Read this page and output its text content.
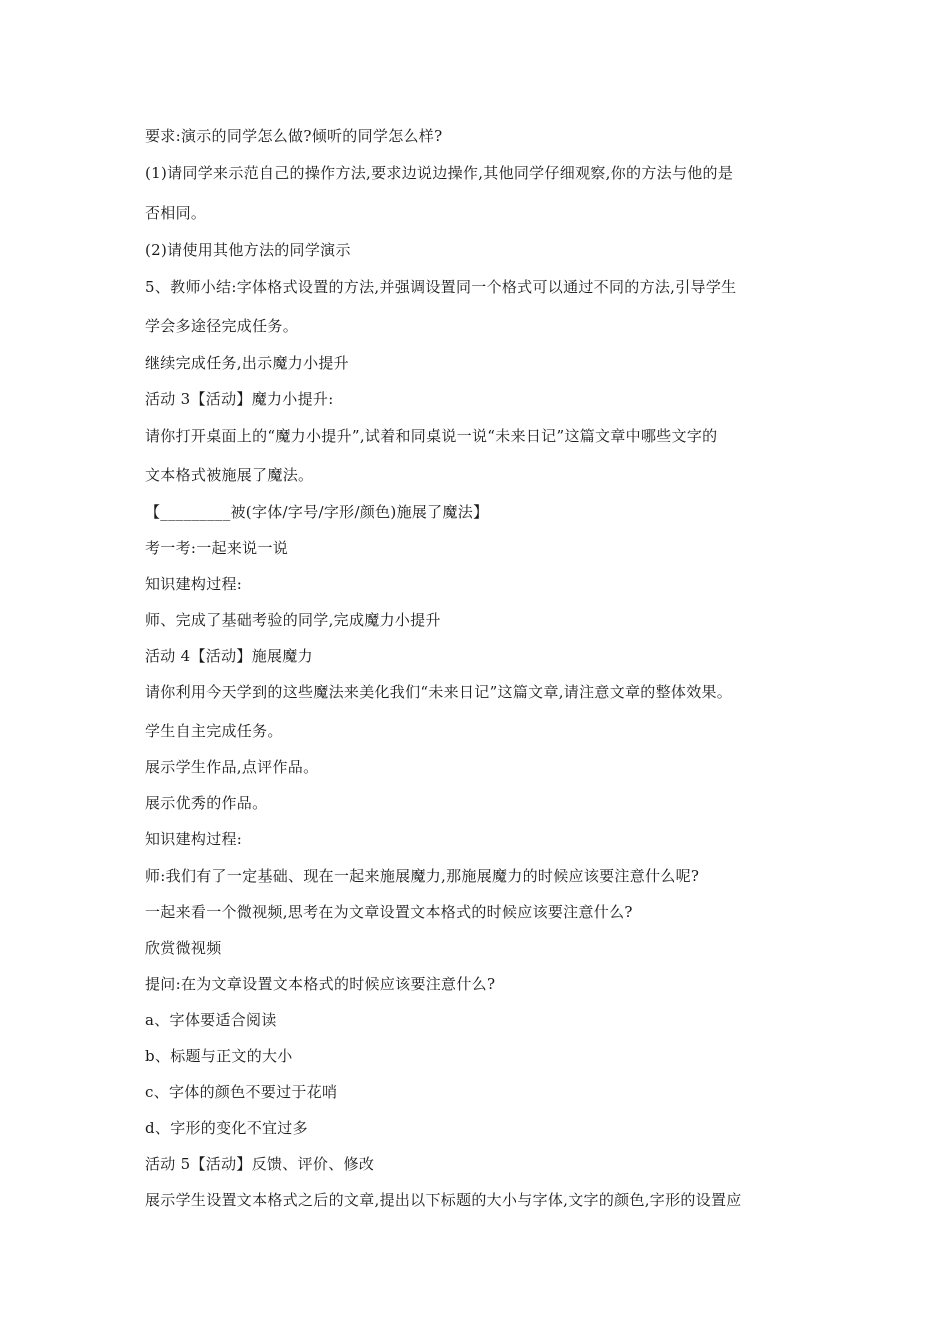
要求:演示的同学怎么做?倾听的同学怎么样?
(1)请同学来示范自己的操作方法,要求边说边操作,其他同学仔细观察,你的方法与他的是
否相同。
(2)请使用其他方法的同学演示
5、教师小结:字体格式设置的方法,并强调设置同一个格式可以通过不同的方法,引导学生
学会多途径完成任务。
继续完成任务,出示魔力小提升
活动 3【活动】魔力小提升:
请你打开桌面上的“魔力小提升”,试着和同桌说一说“未来日记”这篇文章中哪些文字的
文本格式被施展了魔法。
【_________被(字体/字号/字形/颜色)施展了魔法】
考一考:一起来说一说
知识建构过程:
师、完成了基础考验的同学,完成魔力小提升
活动 4【活动】施展魔力
请你利用今天学到的这些魔法来美化我们“未来日记”这篇文章,请注意文章的整体效果。
学生自主完成任务。
展示学生作品,点评作品。
展示优秀的作品。
知识建构过程:
师:我们有了一定基础、现在一起来施展魔力,那施展魔力的时候应该要注意什么呢?
一起来看一个微视频,思考在为文章设置文本格式的时候应该要注意什么?
欣赏微视频
提问:在为文章设置文本格式的时候应该要注意什么?
a、字体要适合阅读
b、标题与正文的大小
c、字体的颜色不要过于花哨
d、字形的变化不宜过多
活动 5【活动】反馈、评价、修改
展示学生设置文本格式之后的文章,提出以下标题的大小与字体,文字的颜色,字形的设置应
